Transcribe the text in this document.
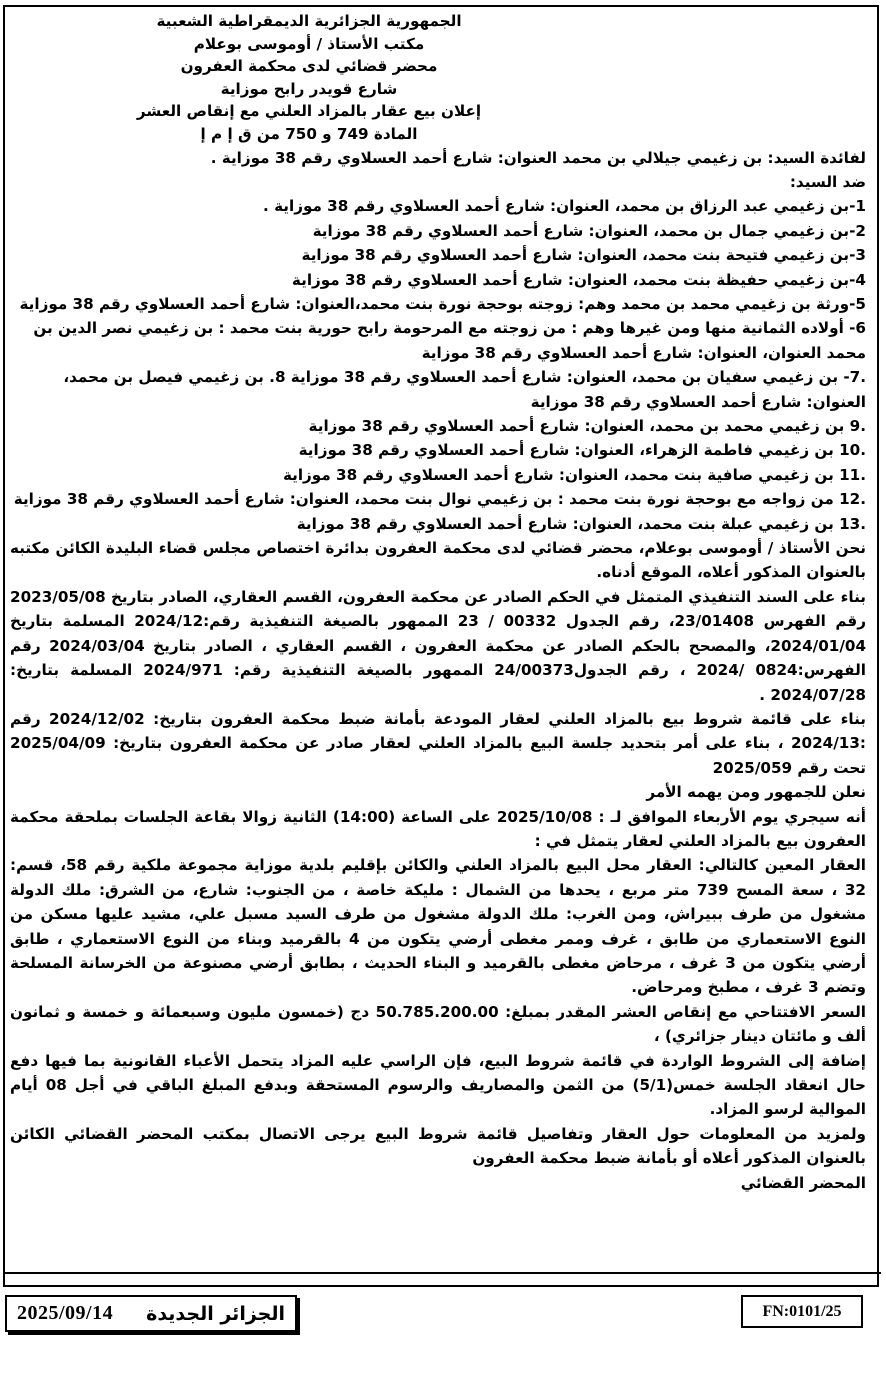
الجمهورية الجزائرية الديمقراطية الشعبية

مكتب الأستاذ / أوموسى بوعلام

محضر قضائي لدى محكمة العفرون

شارع قويدر رابح موزاية

إعلان بيع عقار بالمزاد العلني مع إنقاص العشر

المادة 749 و 750 من ق إ م إ

لفائدة السيد: بن زغيمي جيلالي بن محمد العنوان: شارع أحمد العسلاوي رقم 38 موزاية .

ضد السيد:

1-بن زغيمي عبد الرزاق بن محمد، العنوان: شارع أحمد العسلاوي رقم 38 موزاية .

2-بن زغيمي جمال بن محمد، العنوان: شارع أحمد العسلاوي رقم 38 موزاية

3-بن زغيمي فتيحة بنت محمد، العنوان: شارع أحمد العسلاوي رقم 38 موزاية

4-بن زغيمي حفيظة بنت محمد، العنوان: شارع أحمد العسلاوي رقم 38 موزاية

5-ورثة بن زغيمي محمد بن محمد وهم: زوجته بوحجة نورة بنت محمد،العنوان: شارع أحمد العسلاوي رقم 38 موزاية

6- أولاده الثمانية منها ومن غيرها وهم : من زوجته مع المرحومة رابح حورية بنت محمد : بن زغيمي نصر الدين بن محمد العنوان، العنوان: شارع أحمد العسلاوي رقم 38 موزاية

.7- بن زغيمي سفيان بن محمد، العنوان: شارع أحمد العسلاوي رقم 38 موزاية 8. بن زغيمي فيصل بن محمد، العنوان: شارع أحمد العسلاوي رقم 38 موزاية

.9 بن زغيمي محمد بن محمد، العنوان: شارع أحمد العسلاوي رقم 38 موزاية

.10 بن زغيمي فاطمة الزهراء، العنوان: شارع أحمد العسلاوي رقم 38 موزاية

.11 بن زغيمي صافية بنت محمد، العنوان: شارع أحمد العسلاوي رقم 38 موزاية

.12 من زواجه مع بوحجة نورة بنت محمد : بن زغيمي نوال بنت محمد، العنوان: شارع أحمد العسلاوي رقم 38 موزاية

.13 بن زغيمي عبلة بنت محمد، العنوان: شارع أحمد العسلاوي رقم 38 موزاية

نحن الأستاذ / أوموسى بوعلام، محضر قضائي لدى محكمة العفرون بدائرة اختصاص مجلس قضاء البليدة الكائن مكتبه بالعنوان المذكور أعلاه، الموقع أدناه.

بناء على السند التنفيذي المتمثل في الحكم الصادر عن محكمة العفرون، القسم العقاري، الصادر بتاريخ 2023/05/08 رقم الفهرس 23/01408، رقم الجدول 00332 / 23 الممهور بالصيغة التنفيذية رقم:2024/12 المسلمة بتاريخ 2024/01/04، والمصحح بالحكم الصادر عن محكمة العفرون ، القسم العقاري ، الصادر بتاريخ 2024/03/04 رقم الفهرس:0824 /2024 ، رقم الجدول24/00373 الممهور بالصيغة التنفيذية رقم: 2024/971 المسلمة بتاريخ: 2024/07/28 .

بناء على قائمة شروط بيع بالمزاد العلني لعقار المودعة بأمانة ضبط محكمة العفرون بتاريخ: 2024/12/02 رقم :2024/13 ، بناء على أمر بتحديد جلسة البيع بالمزاد العلني لعقار صادر عن محكمة العفرون بتاريخ: 2025/04/09 تحت رقم 2025/059

نعلن للجمهور ومن يهمه الأمر

أنه سيجري يوم الأربعاء الموافق لـ : 2025/10/08 على الساعة (14:00) الثانية زوالا بقاعة الجلسات بملحقة محكمة العفرون بيع بالمزاد العلني لعقار يتمثل في :

العقار المعين كالتالي: العقار محل البيع بالمزاد العلني والكائن بإقليم بلدية موزاية مجموعة ملكية رقم 58، قسم: 32 ، سعة المسح 739 متر مربع ، يحدها من الشمال : مليكة خاصة ، من الجنوب: شارع، من الشرق: ملك الدولة مشغول من طرف ببيراش، ومن الغرب: ملك الدولة مشغول من طرف السيد مسبل علي، مشيد عليها مسكن من النوع الاستعماري من طابق ، غرف وممر مغطى أرضي يتكون من 4 بالقرميد وبناء من النوع الاستعماري ، طابق أرضي يتكون من 3 غرف ، مرحاض مغطى بالقرميد و البناء الحديث ، بطابق أرضي مصنوعة من الخرسانة المسلحة وتضم 3 غرف ، مطبخ ومرحاض.

السعر الافتتاحي مع إنقاص العشر المقدر بمبلغ: 50.785.200.00 دج (خمسون مليون وسبعمائة و خمسة و ثمانون ألف و مائتان دينار جزائري) ،

إضافة إلى الشروط الواردة في قائمة شروط البيع، فإن الراسي عليه المزاد يتحمل الأعباء القانونية بما فيها دفع حال انعقاد الجلسة خمس(5/1) من الثمن والمصاريف والرسوم المستحقة وبدفع المبلغ الباقي في أجل 08 أيام الموالية لرسو المزاد.

ولمزيد من المعلومات حول العقار وتفاصيل قائمة شروط البيع يرجى الاتصال بمكتب المحضر القضائي الكائن بالعنوان المذكور أعلاه أو بأمانة ضبط محكمة العفرون

المحضر القضائي

2025/09/14 الجزائر الجديدة	FN:0101/25
